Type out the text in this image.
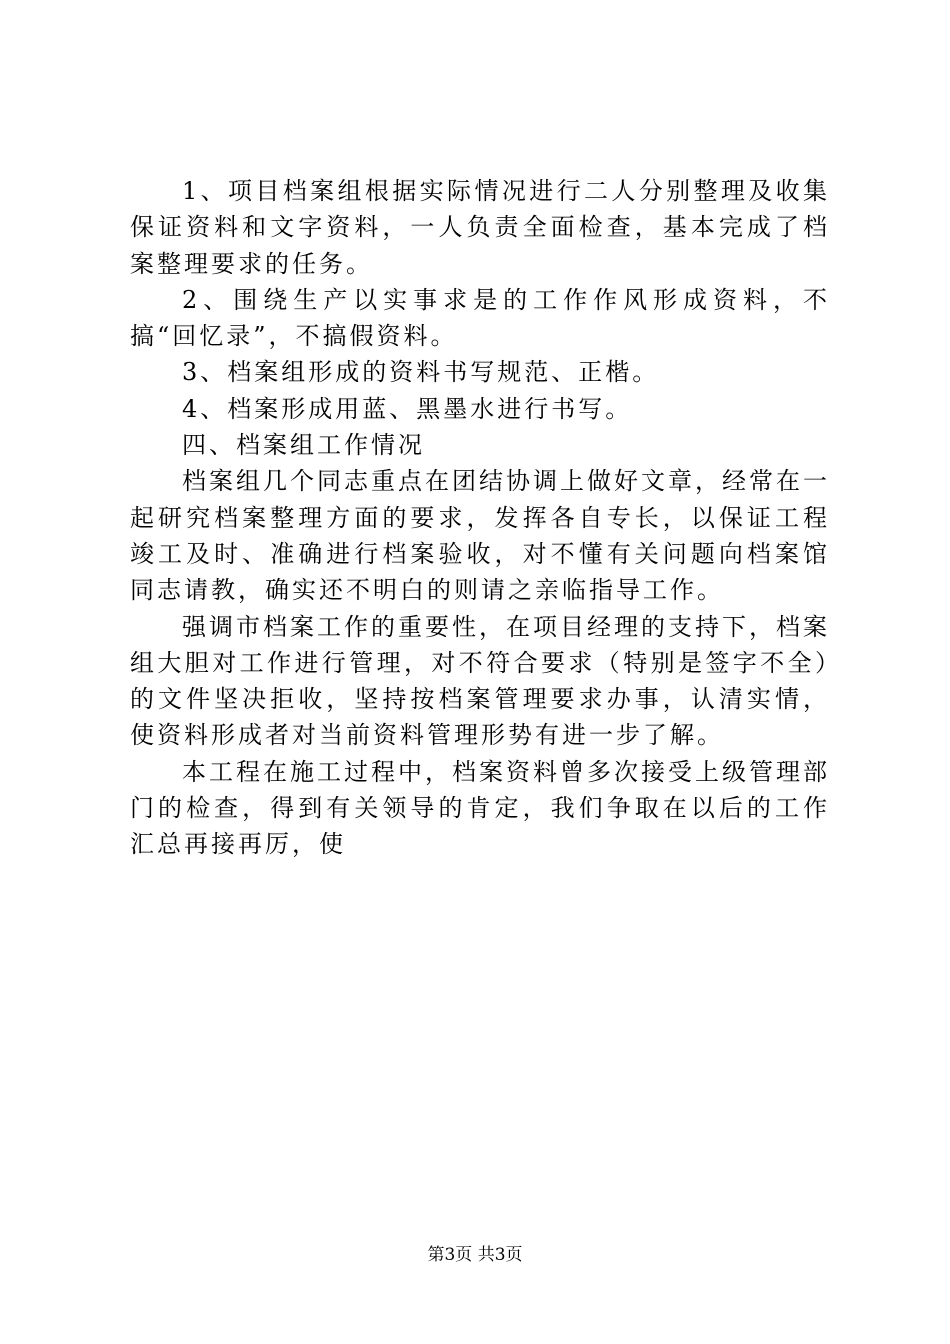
1、项目档案组根据实际情况进行二人分别整理及收集保证资料和文字资料，一人负责全面检查，基本完成了档案整理要求的任务。

2、围绕生产以实事求是的工作作风形成资料，不搞“回忆录”，不搞假资料。

3、档案组形成的资料书写规范、正楷。

4、档案形成用蓝、黑墨水进行书写。

四、档案组工作情况

档案组几个同志重点在团结协调上做好文章，经常在一起研究档案整理方面的要求，发挥各自专长，以保证工程竣工及时、准确进行档案验收，对不懂有关问题向档案馆同志请教，确实还不明白的则请之亲临指导工作。

强调市档案工作的重要性，在项目经理的支持下，档案组大胆对工作进行管理，对不符合要求（特别是签字不全）的文件坚决拒收，坚持按档案管理要求办事，认清实情，使资料形成者对当前资料管理形势有进一步了解。

本工程在施工过程中，档案资料曾多次接受上级管理部门的检查，得到有关领导的肯定，我们争取在以后的工作汇总再接再厉，使

第3页 共3页
